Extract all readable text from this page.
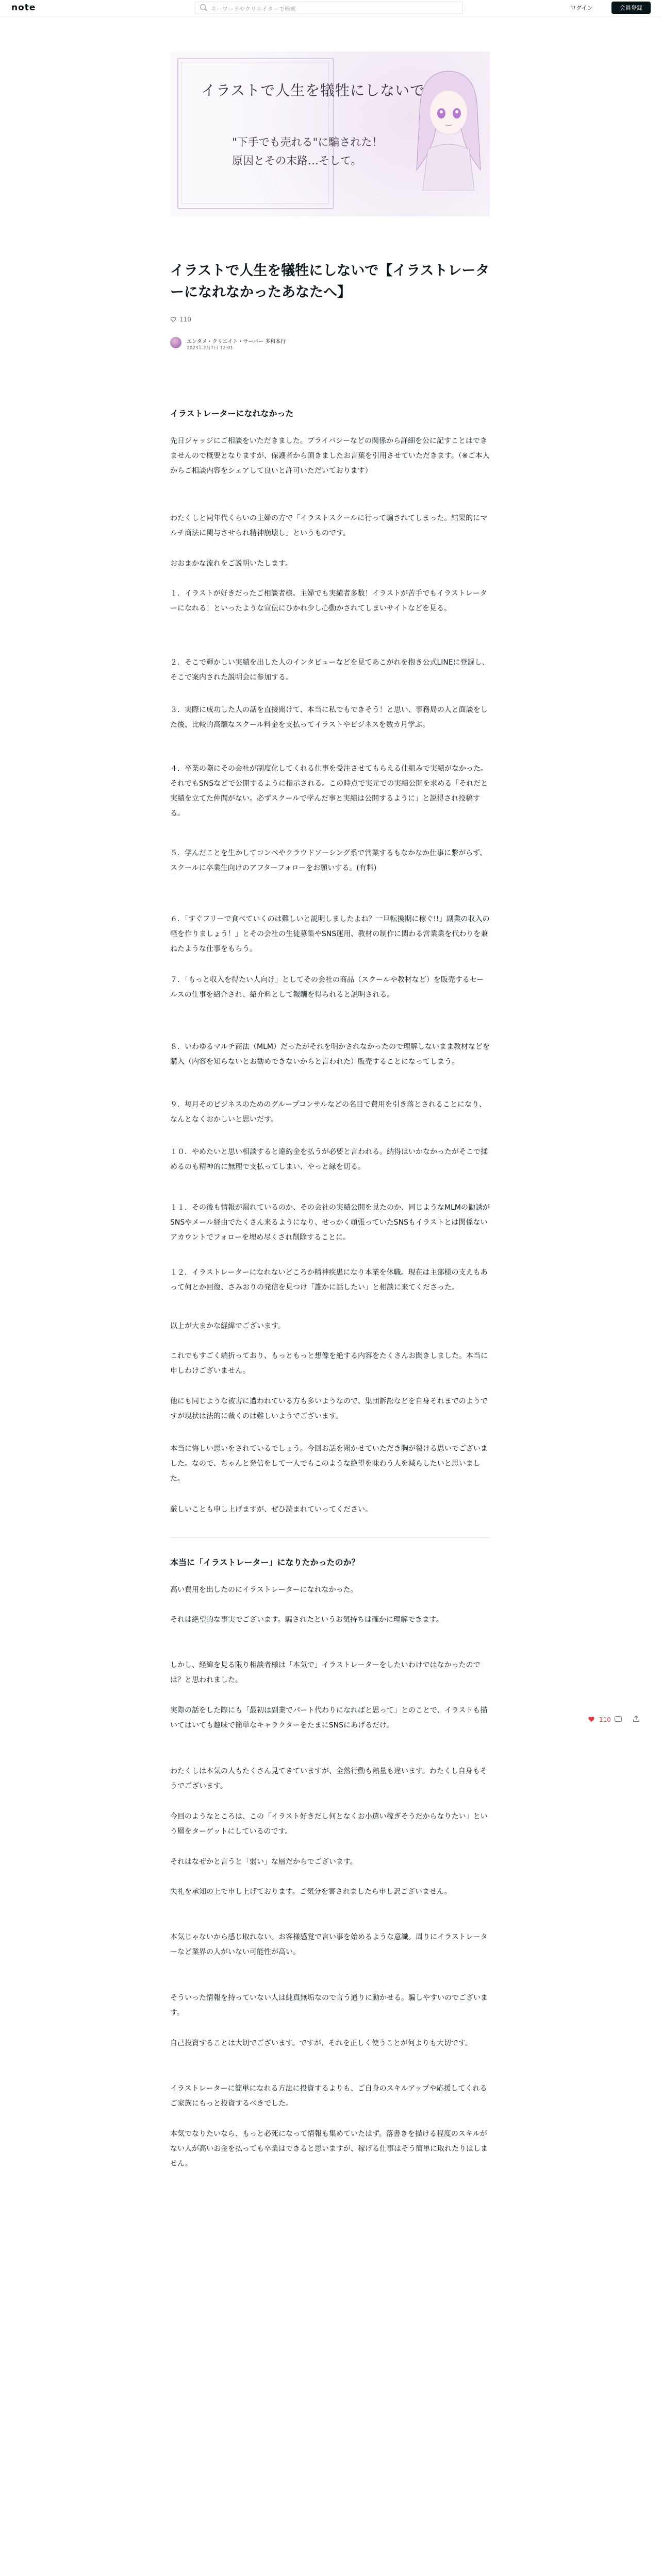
note	キーワードやクリエイターで検索	ログイン	会員登録
イラストで人生を犠牲にしないで
"下手でも売れる"に騙された！
原因とその末路…そして。
イラストで人生を犠牲にしないで【イラストレーターになれなかったあなたへ】
110
エンタメ・クリエイト・サーバー 多和本行
2023年2月7日 12:01
イラストレーターになれなかった

先日ジャッジにご相談をいただきました。プライバシーなどの関係から詳細を公に記すことはできませんので概要となりますが、保護者から頂きましたお言葉を引用させていただきます。（※ご本人からご相談内容をシェアして良いと許可いただいております）

わたくしと同年代くらいの主婦の方で「イラストスクールに行って騙されてしまった。結果的にマルチ商法に関与させられ精神崩壊し」というものです。

おおまかな流れをご説明いたします。

１．イラストが好きだったご相談者様。主婦でも実績者多数！イラストが苦手でもイラストレーターになれる！といったような宣伝にひかれ少し心動かされてしまいサイトなどを見る。

２．そこで輝かしい実績を出した人のインタビューなどを見てあこがれを抱き公式LINEに登録し、そこで案内された説明会に参加する。

３．実際に成功した人の話を直接聞けて、本当に私でもできそう！と思い、事務局の人と面談をした後、比較的高額なスクール料金を支払ってイラストやビジネスを数カ月学ぶ。

４．卒業の際にその会社が制度化してくれる仕事を受注させてもらえる仕組みで実績がなかった。それでもSNSなどで公開するように指示される。この時点で実元での実績公開を求める「それだと実績を立てた仲間がない。必ずスクールで学んだ事と実績は公開するように」と説得され投稿する。

５．学んだことを生かしてコンペやクラウドソーシング系で営業するもなかなか仕事に繋がらず、スクールに卒業生向けのアフターフォローをお願いする。(有料)

６．「すぐフリーで食べていくのは難しいと説明しましたよね？一旦転換期に稼ぐ!!」副業の収入の軽を作りましょう！」とその会社の生徒募集やSNS運用、教材の制作に関わる営業業を代わりを兼ねたような仕事をもらう。

７．「もっと収入を得たい人向け」としてその会社の商品（スクールや教材など）を販売するセールスの仕事を紹介され、紹介料として報酬を得られると説明される。

８．いわゆるマルチ商法（MLM）だったがそれを明かされなかったので理解しないまま教材などを購入（内容を知らないとお勧めできないからと言われた）販売することになってしまう。

９．毎月そのビジネスのためのグループコンサルなどの名目で費用を引き落とされることになり、なんとなくおかしいと思いだす。

１０．やめたいと思い相談すると違約金を払うが必要と言われる。納得はいかなかったがそこで揉めるのも精神的に無理で支払ってしまい、やっと縁を切る。

１１．その後も情報が漏れているのか、その会社の実績公開を見たのか、同じようなMLMの勧誘がSNSやメール経由でたくさん来るようになり、せっかく頑張っていたSNSもイラストとは関係ないアカウントでフォローを埋め尽くされ削除することに。

１２．イラストレーターになれないどころか精神疾患になり本業を休職。現在は主部様の支えもあって何とか回復、さみおりの発信を見つけ「誰かに話したい」と相談に来てくださった。

以上が大まかな経緯でございます。

これでもすごく端折っており、もっともっと想像を絶する内容をたくさんお聞きしました。本当に申しわけございません。

他にも同じような被害に遭われている方も多いようなので、集団訴訟などを自身それまでのようですが現状は法的に裁くのは難しいようでございます。

本当に悔しい思いをされているでしょう。今回お話を聞かせていただき胸が裂ける思いでございました。なので、ちゃんと発信をして一人でもこのような絶望を味わう人を減らしたいと思いました。

厳しいことも申し上げますが、ぜひ読まれていってください。

本当に「イラストレーター」になりたかったのか？

高い費用を出したのにイラストレーターになれなかった。

それは絶望的な事実でございます。騙されたというお気持ちは確かに理解できます。

しかし、経緯を見る限り相談者様は「本気で」イラストレーターをしたいわけではなかったのでは？と思われました。

実際の話をした際にも「最初は副業でパート代わりになればと思って」とのことで、イラストも描いてはいても趣味で簡単なキャラクターをたまにSNSにあげるだけ。

わたくしは本気の人もたくさん見てきていますが、全然行動も熱量も違います。わたくし自身もそうでございます。

今回のようなところは、この「イラスト好きだし何となくお小遣い稼ぎそうだからなりたい」という層をターゲットにしているのです。

それはなぜかと言うと「弱い」な層だからでございます。

失礼を承知の上で申し上げております。ご気分を害されましたら申し訳ございません。

本気じゃないから感じ取れない。お客様感覚で言い事を始めるような意識。周りにイラストレーターなど業界の人がいない可能性が高い。

そういった情報を持っていない人は純真無垢なので言う通りに動かせる。騙しやすいのでございます。

自己投資することは大切でございます。ですが、それを正しく使うことが何よりも大切です。

イラストレーターに簡単になれる方法に投資するよりも、ご自身のスキルアップや応援してくれるご家族にもっと投資するべきでした。

本気でなりたいなら、もっと必死になって情報も集めていたはず。落書きを描ける程度のスキルがない人が高いお金を払っても卒業はできると思いますが、稼げる仕事はそう簡単に取れたりはしません。

110
